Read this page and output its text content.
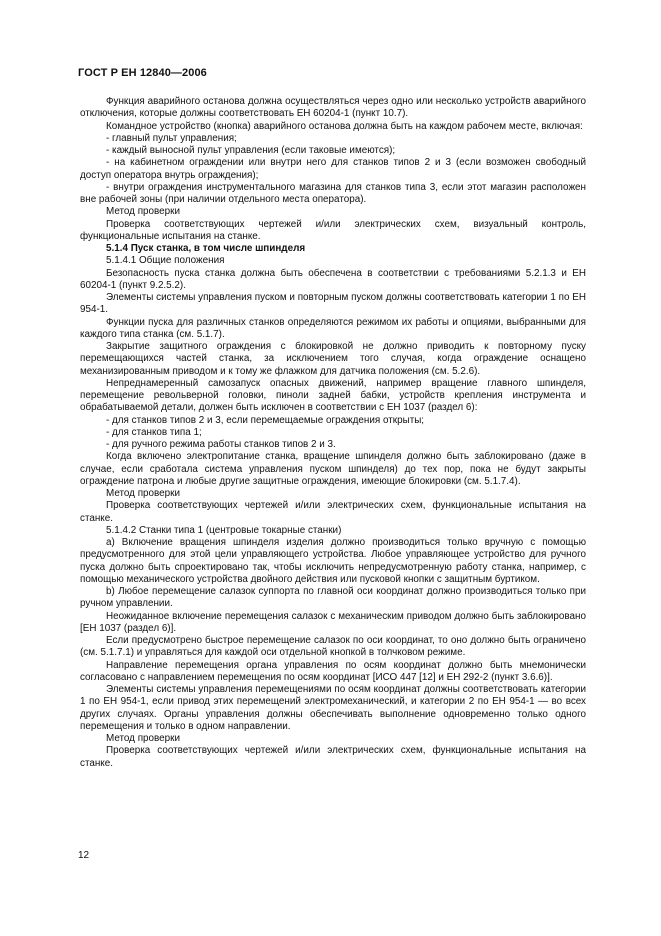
ГОСТ Р ЕН 12840—2006

Функция аварийного останова должна осуществляться через одно или несколько устройств аварийного отключения, которые должны соответствовать ЕН 60204-1 (пункт 10.7).

Командное устройство (кнопка) аварийного останова должна быть на каждом рабочем месте, включая:

- главный пульт управления;

- каждый выносной пульт управления (если таковые имеются);

- на кабинетном ограждении или внутри него для станков типов 2 и 3 (если возможен свободный доступ оператора внутрь ограждения);

- внутри ограждения инструментального магазина для станков типа 3, если этот магазин расположен вне рабочей зоны (при наличии отдельного места оператора).

Метод проверки

Проверка соответствующих чертежей и/или электрических схем, визуальный контроль, функциональные испытания на станке.

5.1.4 Пуск станка, в том числе шпинделя

5.1.4.1 Общие положения

Безопасность пуска станка должна быть обеспечена в соответствии с требованиями 5.2.1.3 и ЕН 60204-1 (пункт 9.2.5.2).

Элементы системы управления пуском и повторным пуском должны соответствовать категории 1 по ЕН 954-1.

Функции пуска для различных станков определяются режимом их работы и опциями, выбранными для каждого типа станка (см. 5.1.7).

Закрытие защитного ограждения с блокировкой не должно приводить к повторному пуску перемещающихся частей станка, за исключением того случая, когда ограждение оснащено механизированным приводом и к тому же флажком для датчика положения (см. 5.2.6).

Непреднамеренный самозапуск опасных движений, например вращение главного шпинделя, перемещение револьверной головки, пиноли задней бабки, устройств крепления инструмента и обрабатываемой детали, должен быть исключен в соответствии с ЕН 1037 (раздел 6):

- для станков типов 2 и 3, если перемещаемые ограждения открыты;

- для станков типа 1;

- для ручного режима работы станков типов 2 и 3.

Когда включено электропитание станка, вращение шпинделя должно быть заблокировано (даже в случае, если сработала система управления пуском шпинделя) до тех пор, пока не будут закрыты ограждение патрона и любые другие защитные ограждения, имеющие блокировки (см. 5.1.7.4).

Метод проверки

Проверка соответствующих чертежей и/или электрических схем, функциональные испытания на станке.

5.1.4.2 Станки типа 1 (центровые токарные станки)

a) Включение вращения шпинделя изделия должно производиться только вручную с помощью предусмотренного для этой цели управляющего устройства. Любое управляющее устройство для ручного пуска должно быть спроектировано так, чтобы исключить непредусмотренную работу станка, например, с помощью механического устройства двойного действия или пусковой кнопки с защитным буртиком.

b) Любое перемещение салазок суппорта по главной оси координат должно производиться только при ручном управлении.

Неожиданное включение перемещения салазок с механическим приводом должно быть заблокировано [ЕН 1037 (раздел 6)].

Если предусмотрено быстрое перемещение салазок по оси координат, то оно должно быть ограничено (см. 5.1.7.1) и управляться для каждой оси отдельной кнопкой в толчковом режиме.

Направление перемещения органа управления по осям координат должно быть мнемонически согласовано с направлением перемещения по осям координат [ИСО 447 [12] и ЕН 292-2 (пункт 3.6.6)].

Элементы системы управления перемещениями по осям координат должны соответствовать категории 1 по ЕН 954-1, если привод этих перемещений электромеханический, и категории 2 по ЕН 954-1 — во всех других случаях. Органы управления должны обеспечивать выполнение одновременно только одного перемещения и только в одном направлении.

Метод проверки

Проверка соответствующих чертежей и/или электрических схем, функциональные испытания на станке.

12
